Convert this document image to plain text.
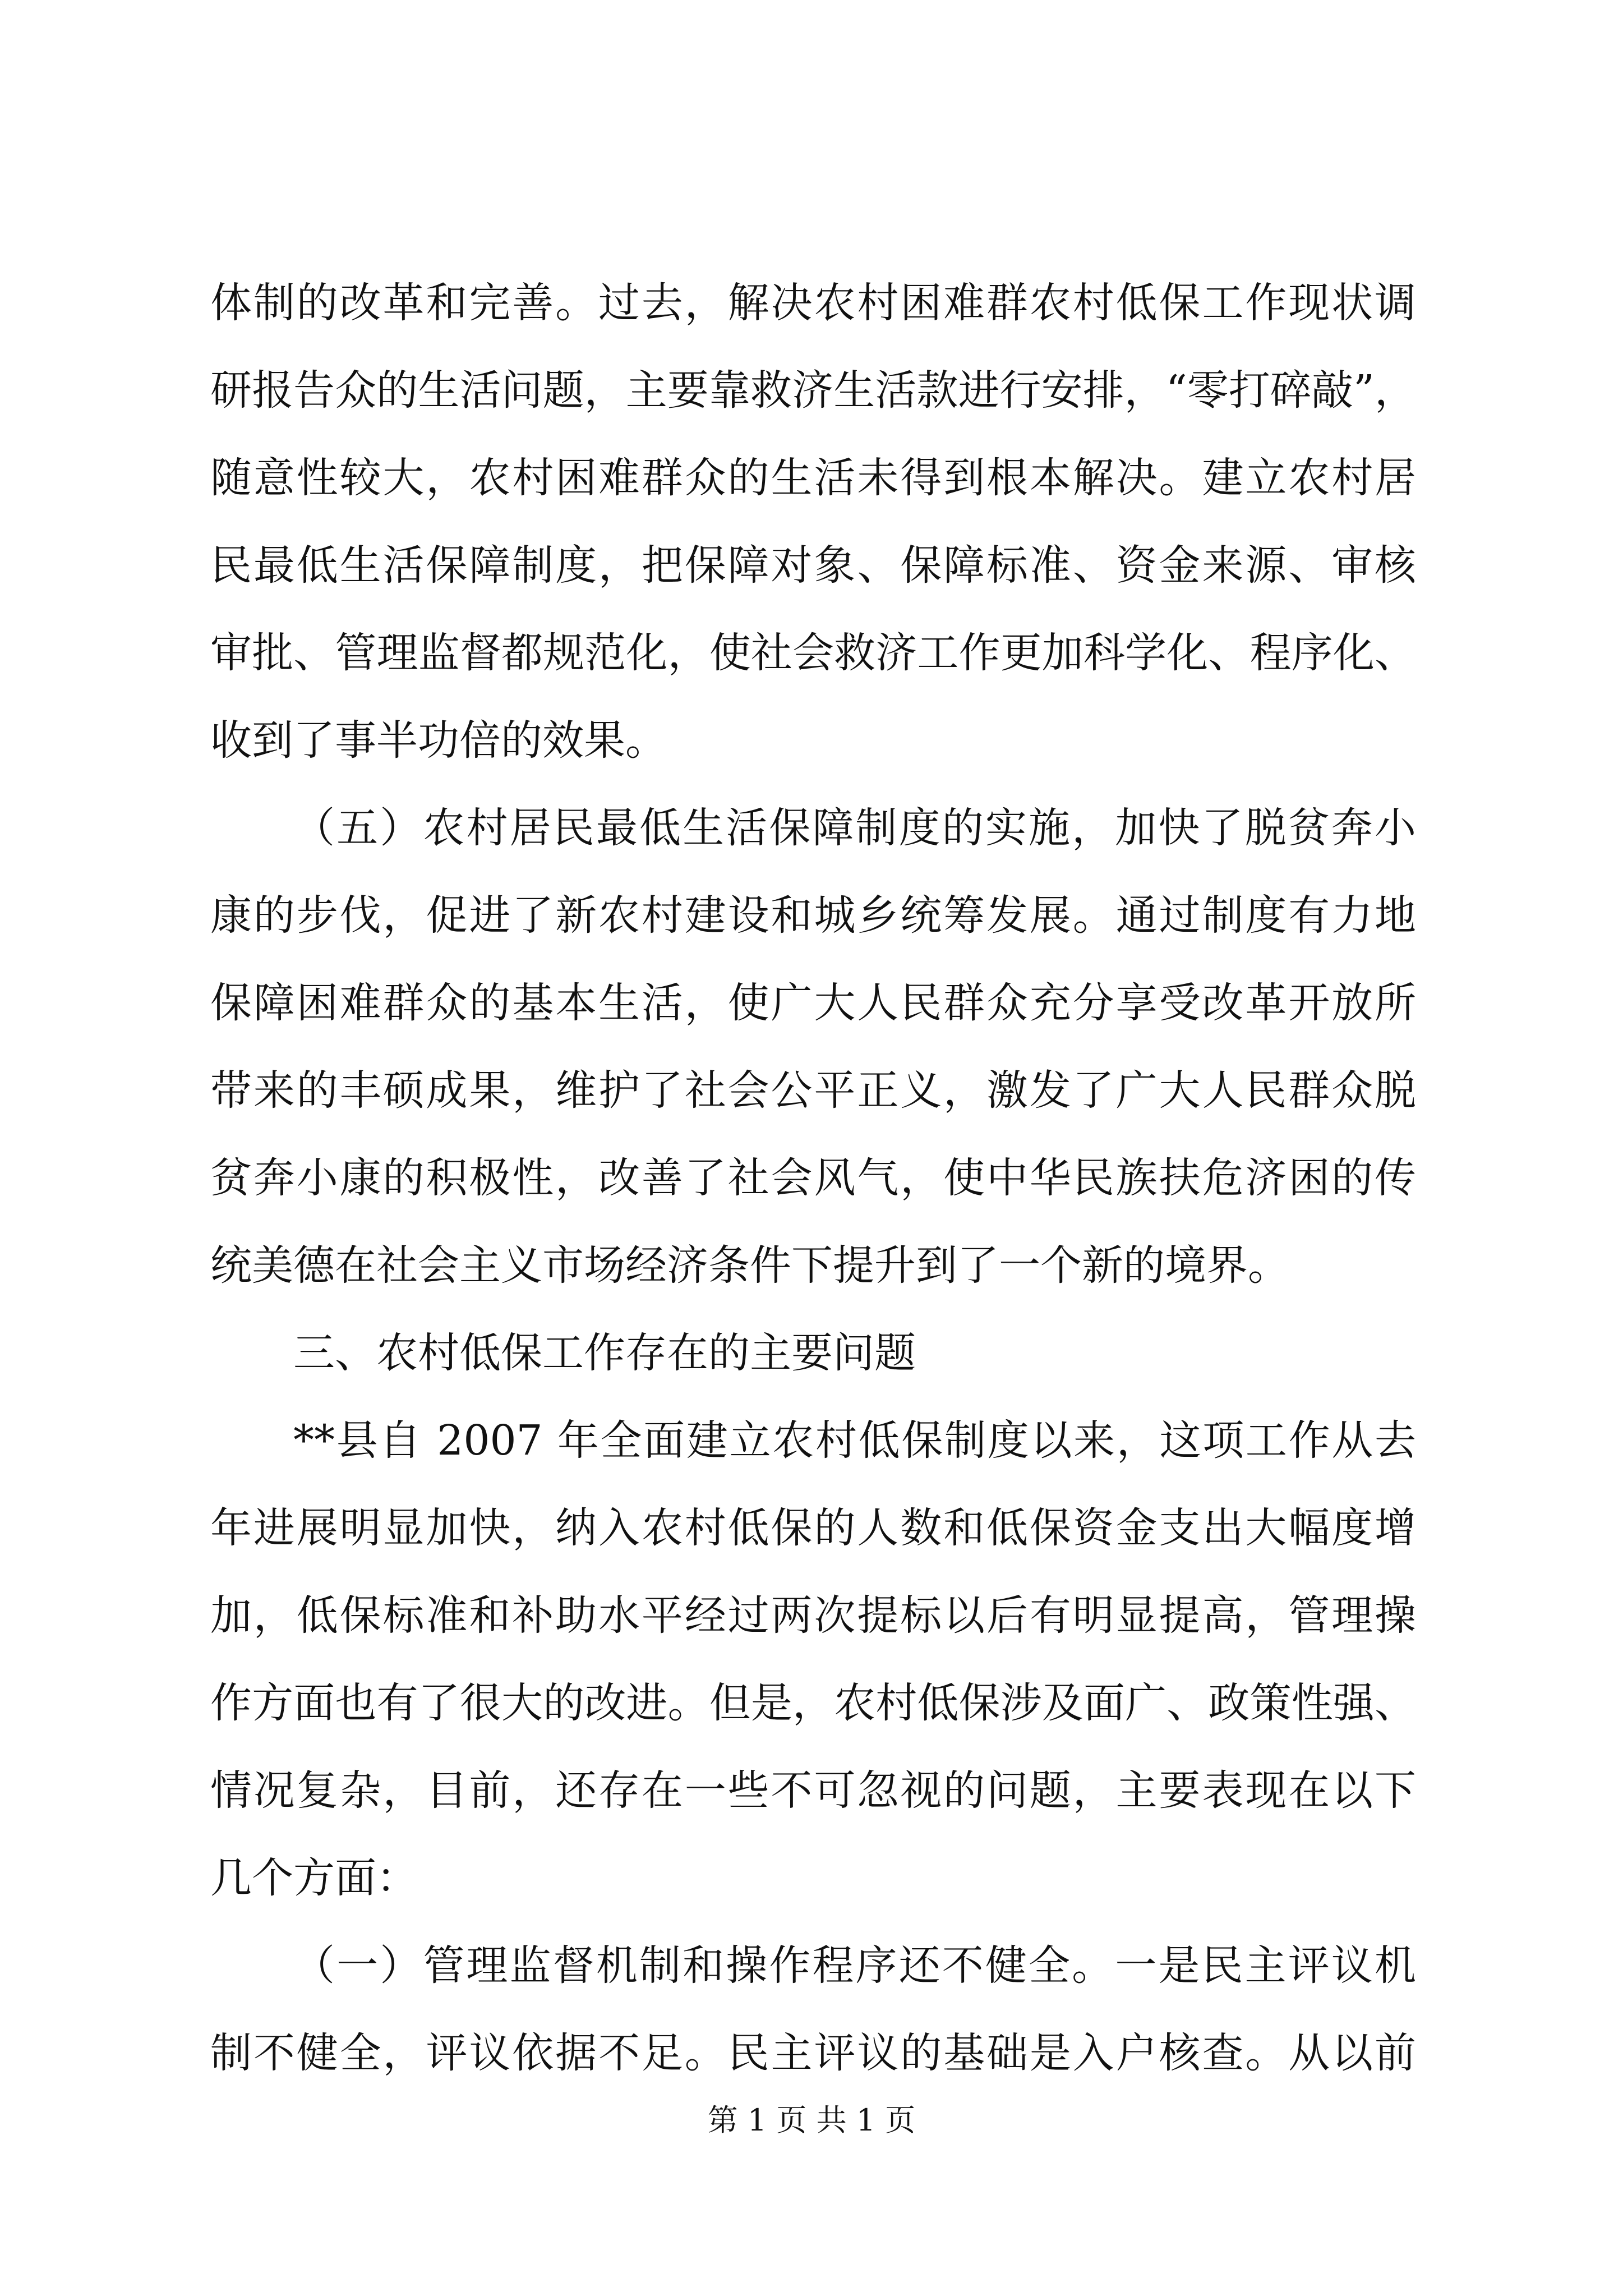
体制的改革和完善。过去，解决农村困难群农村低保工作现状调
研报告众的生活问题，主要靠救济生活款进行安排，“零打碎敲”，
随意性较大，农村困难群众的生活未得到根本解决。建立农村居
民最低生活保障制度，把保障对象、保障标准、资金来源、审核
审批、管理监督都规范化，使社会救济工作更加科学化、程序化、
收到了事半功倍的效果。
（五）农村居民最低生活保障制度的实施，加快了脱贫奔小
康的步伐，促进了新农村建设和城乡统筹发展。通过制度有力地
保障困难群众的基本生活，使广大人民群众充分享受改革开放所
带来的丰硕成果，维护了社会公平正义，激发了广大人民群众脱
贫奔小康的积极性，改善了社会风气，使中华民族扶危济困的传
统美德在社会主义市场经济条件下提升到了一个新的境界。
三、农村低保工作存在的主要问题
**县自 2007 年全面建立农村低保制度以来，这项工作从去
年进展明显加快，纳入农村低保的人数和低保资金支出大幅度增
加，低保标准和补助水平经过两次提标以后有明显提高，管理操
作方面也有了很大的改进。但是，农村低保涉及面广、政策性强、
情况复杂，目前，还存在一些不可忽视的问题，主要表现在以下
几个方面：
（一）管理监督机制和操作程序还不健全。一是民主评议机
制不健全，评议依据不足。民主评议的基础是入户核查。从以前
第 1 页 共 1 页
